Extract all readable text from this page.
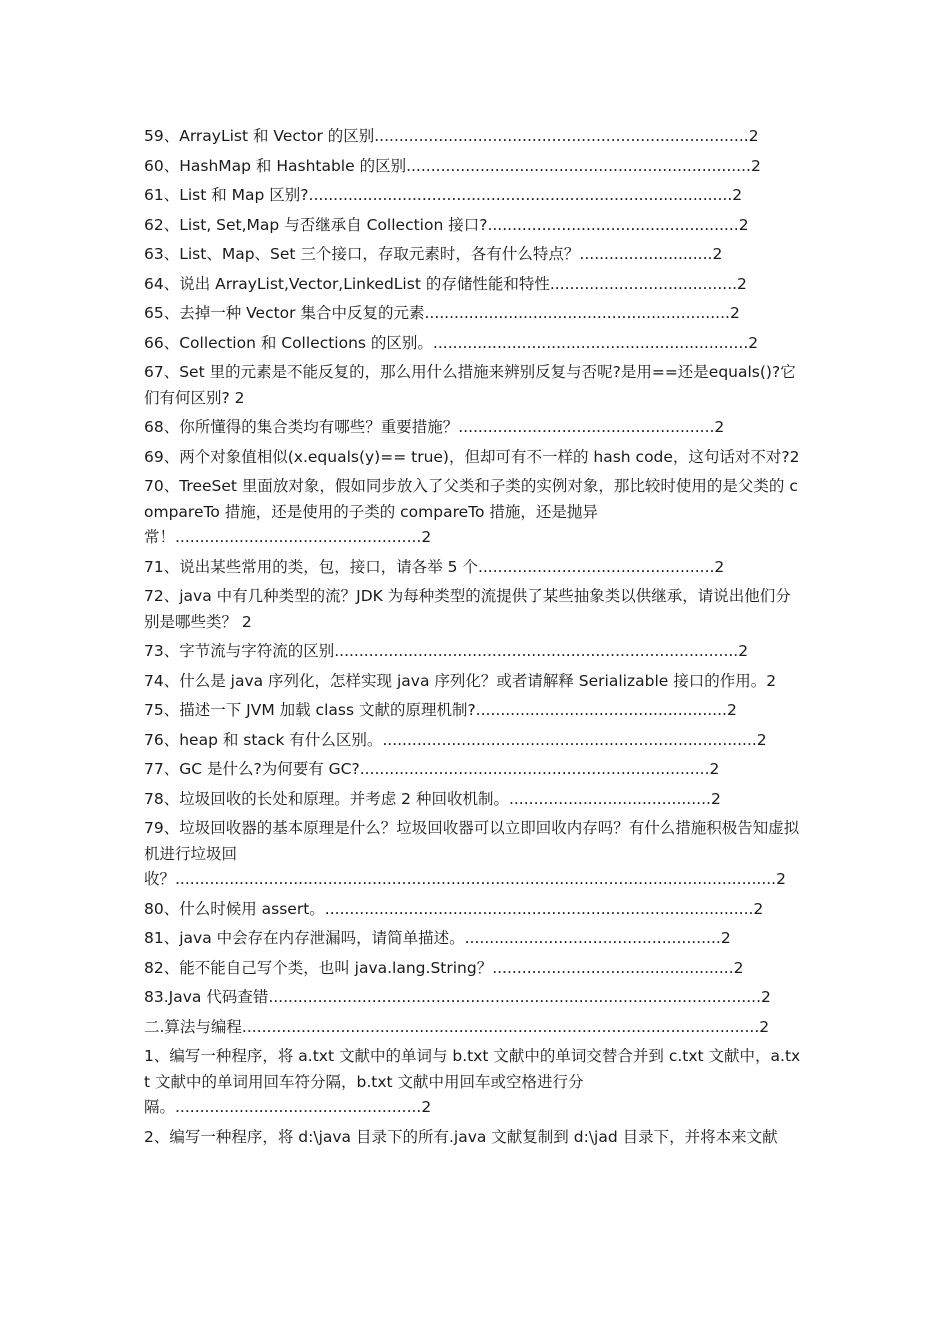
59、ArrayList 和 Vector 的区别............................................................................2
60、HashMap 和 Hashtable 的区别......................................................................2
61、List 和 Map 区别?......................................................................................2
62、List, Set,Map 与否继承自 Collection 接口?...................................................2
63、List、Map、Set 三个接口，存取元素时，各有什么特点？...........................2
64、说出 ArrayList,Vector,LinkedList 的存储性能和特性......................................2
65、去掉一种 Vector 集合中反复的元素..............................................................2
66、Collection 和 Collections 的区别。................................................................2
67、Set 里的元素是不能反复的，那么用什么措施来辨别反复与否呢?是用==还是equals()?它们有何区别? 2
68、你所懂得的集合类均有哪些？重要措施？....................................................2
69、两个对象值相似(x.equals(y)== true)，但却可有不一样的 hash code，这句话对不对?2
70、TreeSet 里面放对象，假如同步放入了父类和子类的实例对象，那比较时使用的是父类的 compareTo 措施，还是使用的子类的 compareTo 措施，还是抛异常！..................................................2
71、说出某些常用的类，包，接口，请各举 5 个................................................2
72、java 中有几种类型的流？JDK 为每种类型的流提供了某些抽象类以供继承，请说出他们分别是哪些类？ 2
73、字节流与字符流的区别..................................................................................2
74、什么是 java 序列化，怎样实现 java 序列化？或者请解释 Serializable 接口的作用。2
75、描述一下 JVM 加载 class 文献的原理机制?...................................................2
76、heap 和 stack 有什么区别。............................................................................2
77、GC 是什么?为何要有 GC?.......................................................................2
78、垃圾回收的长处和原理。并考虑 2 种回收机制。.........................................2
79、垃圾回收器的基本原理是什么？垃圾回收器可以立即回收内存吗？有什么措施积极告知虚拟机进行垃圾回收？..........................................................................................................................2
80、什么时候用 assert。.......................................................................................2
81、java 中会存在内存泄漏吗，请简单描述。....................................................2
82、能不能自己写个类，也叫 java.lang.String？.................................................2
83.Java 代码查错....................................................................................................2
二.算法与编程.........................................................................................................2
1、编写一种程序，将 a.txt 文献中的单词与 b.txt 文献中的单词交替合并到 c.txt 文献中，a.txt 文献中的单词用回车符分隔，b.txt 文献中用回车或空格进行分隔。..................................................2
2、编写一种程序，将 d:\java 目录下的所有.java 文献复制到 d:\jad 目录下，并将本来文献
